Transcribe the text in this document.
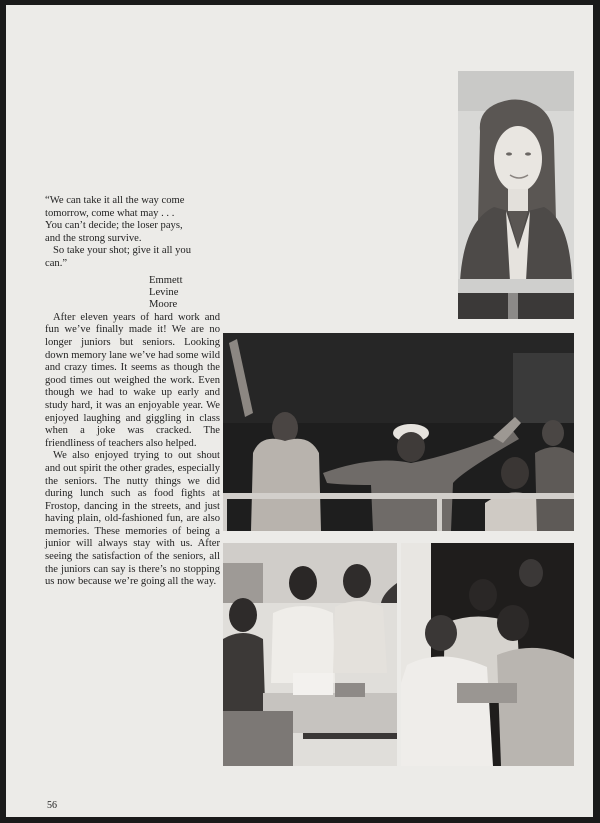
“We can take it all the way come

tomorrow, come what may . . .

You can’t decide; the loser pays,

and the strong survive.

So take your shot; give it all you

can.”

Emmett
Levine
Moore

After eleven years of hard work and fun we’ve finally made it! We are no longer juniors but seniors. Looking down memory lane we’ve had some wild and crazy times. It seems as though the good times out weighed the work. Even though we had to wake up early and study hard, it was an enjoyable year. We enjoyed laughing and giggling in class when a joke was cracked. The friendliness of teachers also helped.

We also enjoyed trying to out shout and out spirit the other grades, especially the seniors. The nutty things we did during lunch such as food fights at Frostop, dancing in the streets, and just having plain, old-fashioned fun, are also memories. These memories of being a junior will always stay with us. After seeing the satisfaction of the seniors, all the juniors can say is there’s no stopping us now because we’re going all the way.

56
